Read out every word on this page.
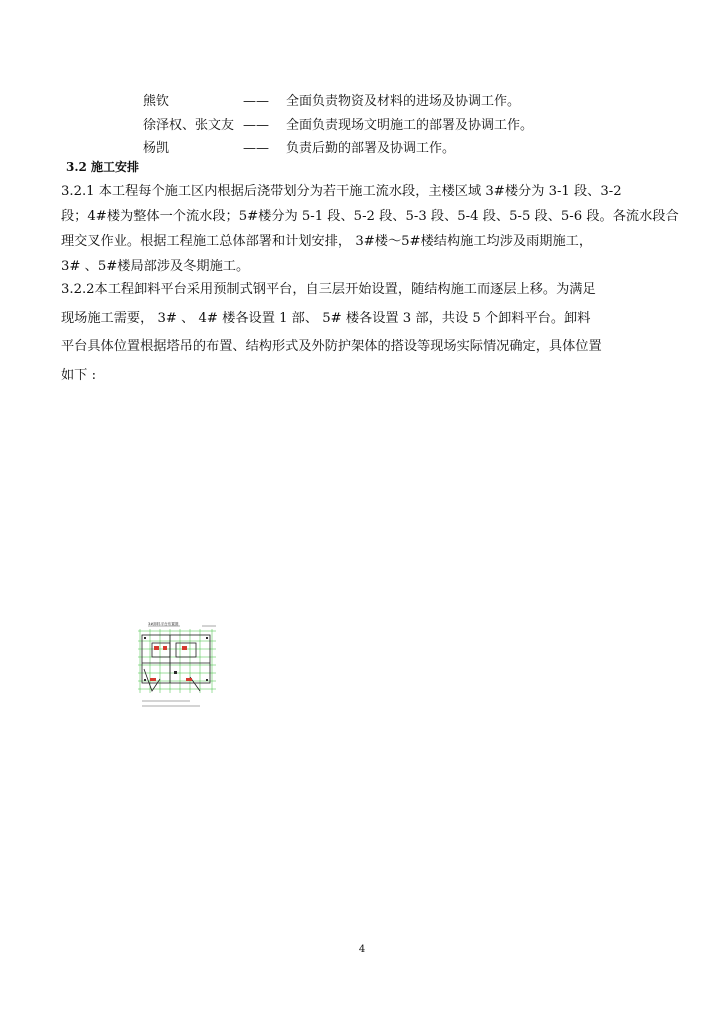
熊钦	—— 全面负责物资及材料的进场及协调工作。
徐泽权、张文友 —— 全面负责现场文明施工的部署及协调工作。
杨凯	—— 负责后勤的部署及协调工作。
3.2 施工安排
3.2.1 本工程每个施工区内根据后浇带划分为若干施工流水段，主楼区域 3#楼分为 3-1 段、3-2
段；4#楼为整体一个流水段；5#楼分为 5-1 段、5-2 段、5-3 段、5-4 段、5-5 段、5-6 段。各流水段合
理交叉作业。根据工程施工总体部署和计划安排， 3#楼～5#楼结构施工均涉及雨期施工，
3# 、5#楼局部涉及冬期施工。
3.2.2本工程卸料平台采用预制式钢平台，自三层开始设置，随结构施工而逐层上移。为满足
现场施工需要， 3# 、 4# 楼各设置 1 部、 5# 楼各设置 3 部，共设 5 个卸料平台。卸料
平台具体位置根据塔吊的布置、结构形式及外防护架体的搭设等现场实际情况确定，具体位置
如下 :
3#卸料平台布置图
4
